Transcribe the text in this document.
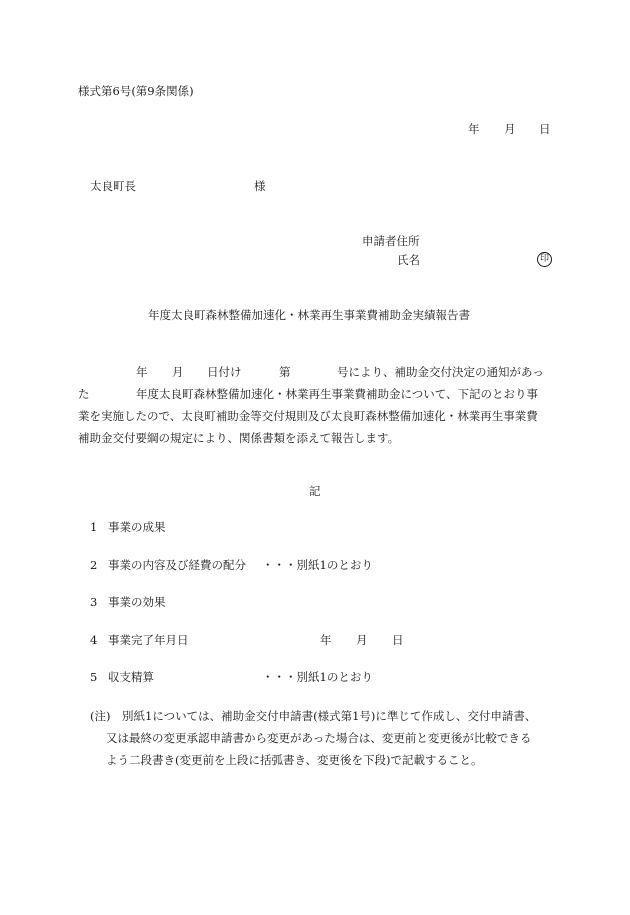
様式第6号(第9条関係)
年 月 日
太良町長	様
申請者住所
氏名	印
年度太良町森林整備加速化・林業再生事業費補助金実績報告書
年 月 日付け	第	号により、補助金交付決定の通知があっ
た	年度太良町森林整備加速化・林業再生事業費補助金について、下記のとおり事
業を実施したので、太良町補助金等交付規則及び太良町森林整備加速化・林業再生事業費
補助金交付要綱の規定により、関係書類を添えて報告します。
記
1 事業の成果
2 事業の内容及び経費の配分 ・・・別紙1のとおり
3 事業の効果
4 事業完了年月日	年 月 日
5 収支精算	・・・別紙1のとおり
(注) 別紙1については、補助金交付申請書(様式第1号)に準じて作成し、交付申請書、
又は最終の変更承認申請書から変更があった場合は、変更前と変更後が比較できる
よう二段書き(変更前を上段に括弧書き、変更後を下段)で記載すること。
